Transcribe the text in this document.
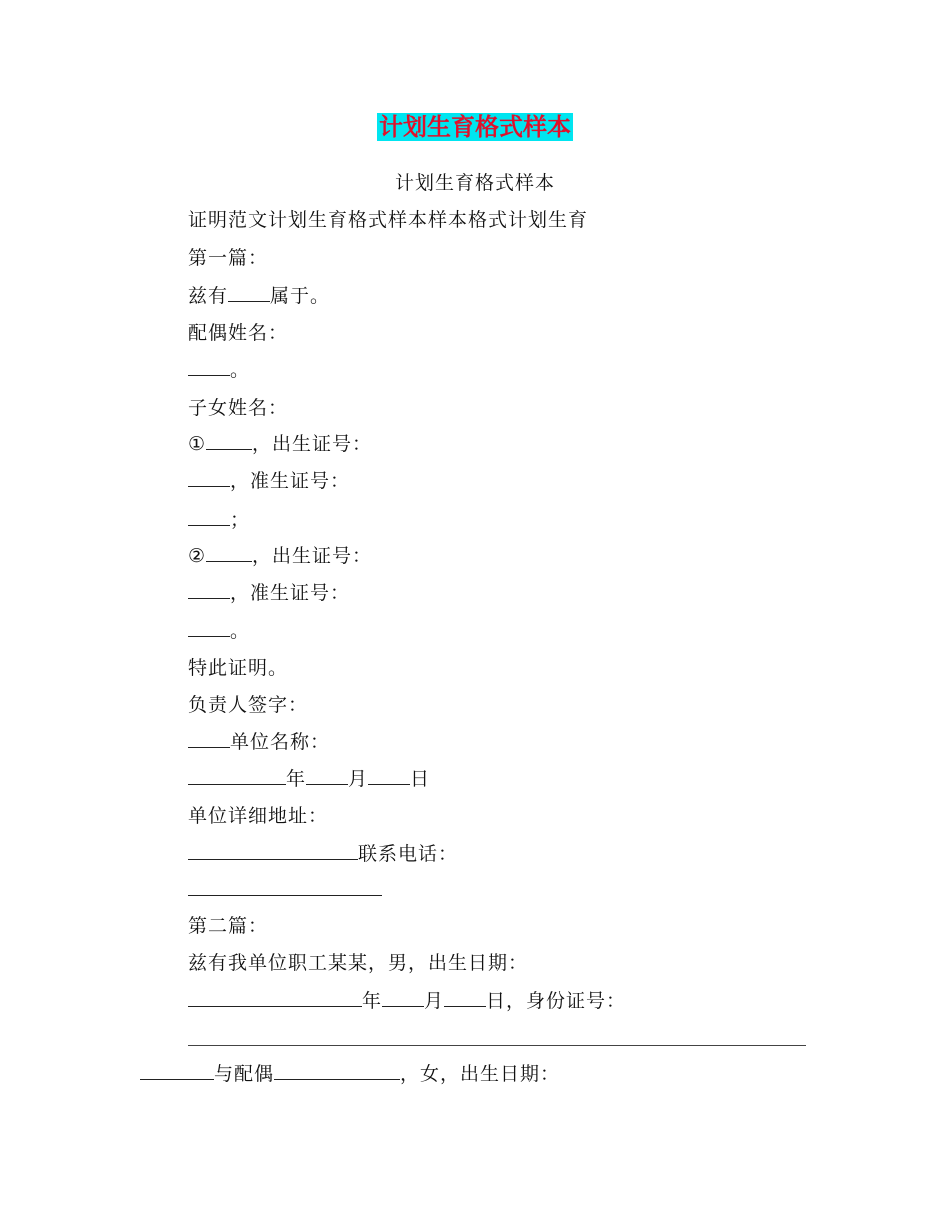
计划生育格式样本
计划生育格式样本
证明范文计划生育格式样本样本格式计划生育
第一篇：
兹有 属于。
配偶姓名：
。
子女姓名：
① ，出生证号：
，准生证号：
；
② ，出生证号：
，准生证号：
。
特此证明。
负责人签字：
单位名称：
年 月 日
单位详细地址：
联系电话：
第二篇：
兹有我单位职工某某，男，出生日期：
年 月 日，身份证号：
与配偶	，女，出生日期：
